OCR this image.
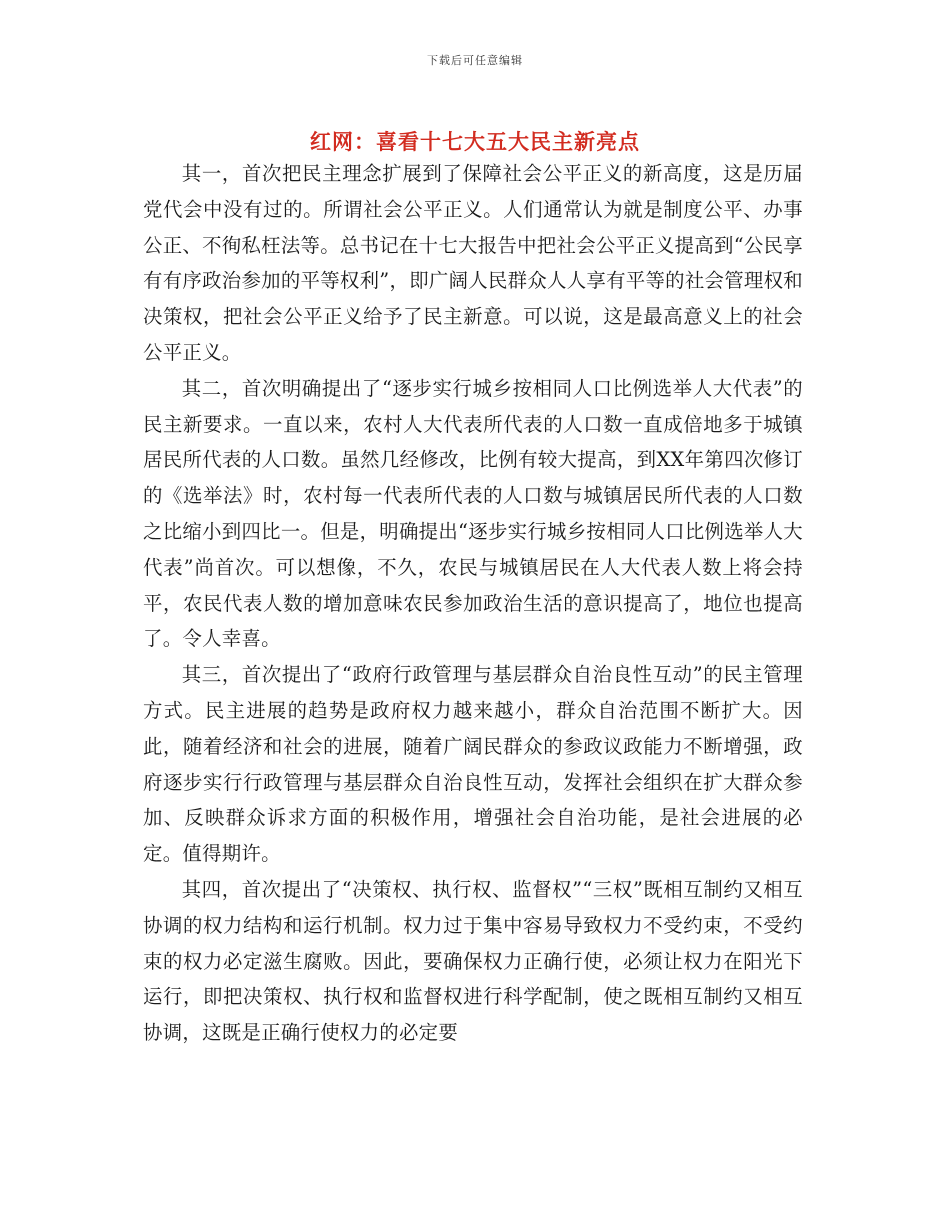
下载后可任意编辑
红网：喜看十七大五大民主新亮点

其一，首次把民主理念扩展到了保障社会公平正义的新高度，这是历届党代会中没有过的。所谓社会公平正义。人们通常认为就是制度公平、办事公正、不徇私枉法等。总书记在十七大报告中把社会公平正义提高到“公民享有有序政治参加的平等权利”，即广阔人民群众人人享有平等的社会管理权和决策权，把社会公平正义给予了民主新意。可以说，这是最高意义上的社会公平正义。

其二，首次明确提出了“逐步实行城乡按相同人口比例选举人大代表”的民主新要求。一直以来，农村人大代表所代表的人口数一直成倍地多于城镇居民所代表的人口数。虽然几经修改，比例有较大提高，到XX年第四次修订的《选举法》时，农村每一代表所代表的人口数与城镇居民所代表的人口数之比缩小到四比一。但是，明确提出“逐步实行城乡按相同人口比例选举人大代表”尚首次。可以想像，不久，农民与城镇居民在人大代表人数上将会持平，农民代表人数的增加意味农民参加政治生活的意识提高了，地位也提高了。令人幸喜。

其三，首次提出了“政府行政管理与基层群众自治良性互动”的民主管理方式。民主进展的趋势是政府权力越来越小，群众自治范围不断扩大。因此，随着经济和社会的进展，随着广阔民群众的参政议政能力不断增强，政府逐步实行行政管理与基层群众自治良性互动，发挥社会组织在扩大群众参加、反映群众诉求方面的积极作用，增强社会自治功能，是社会进展的必定。值得期许。

其四，首次提出了“决策权、执行权、监督权”“三权”既相互制约又相互协调的权力结构和运行机制。权力过于集中容易导致权力不受约束，不受约束的权力必定滋生腐败。因此，要确保权力正确行使，必须让权力在阳光下运行，即把决策权、执行权和监督权进行科学配制，使之既相互制约又相互协调，这既是正确行使权力的必定要
